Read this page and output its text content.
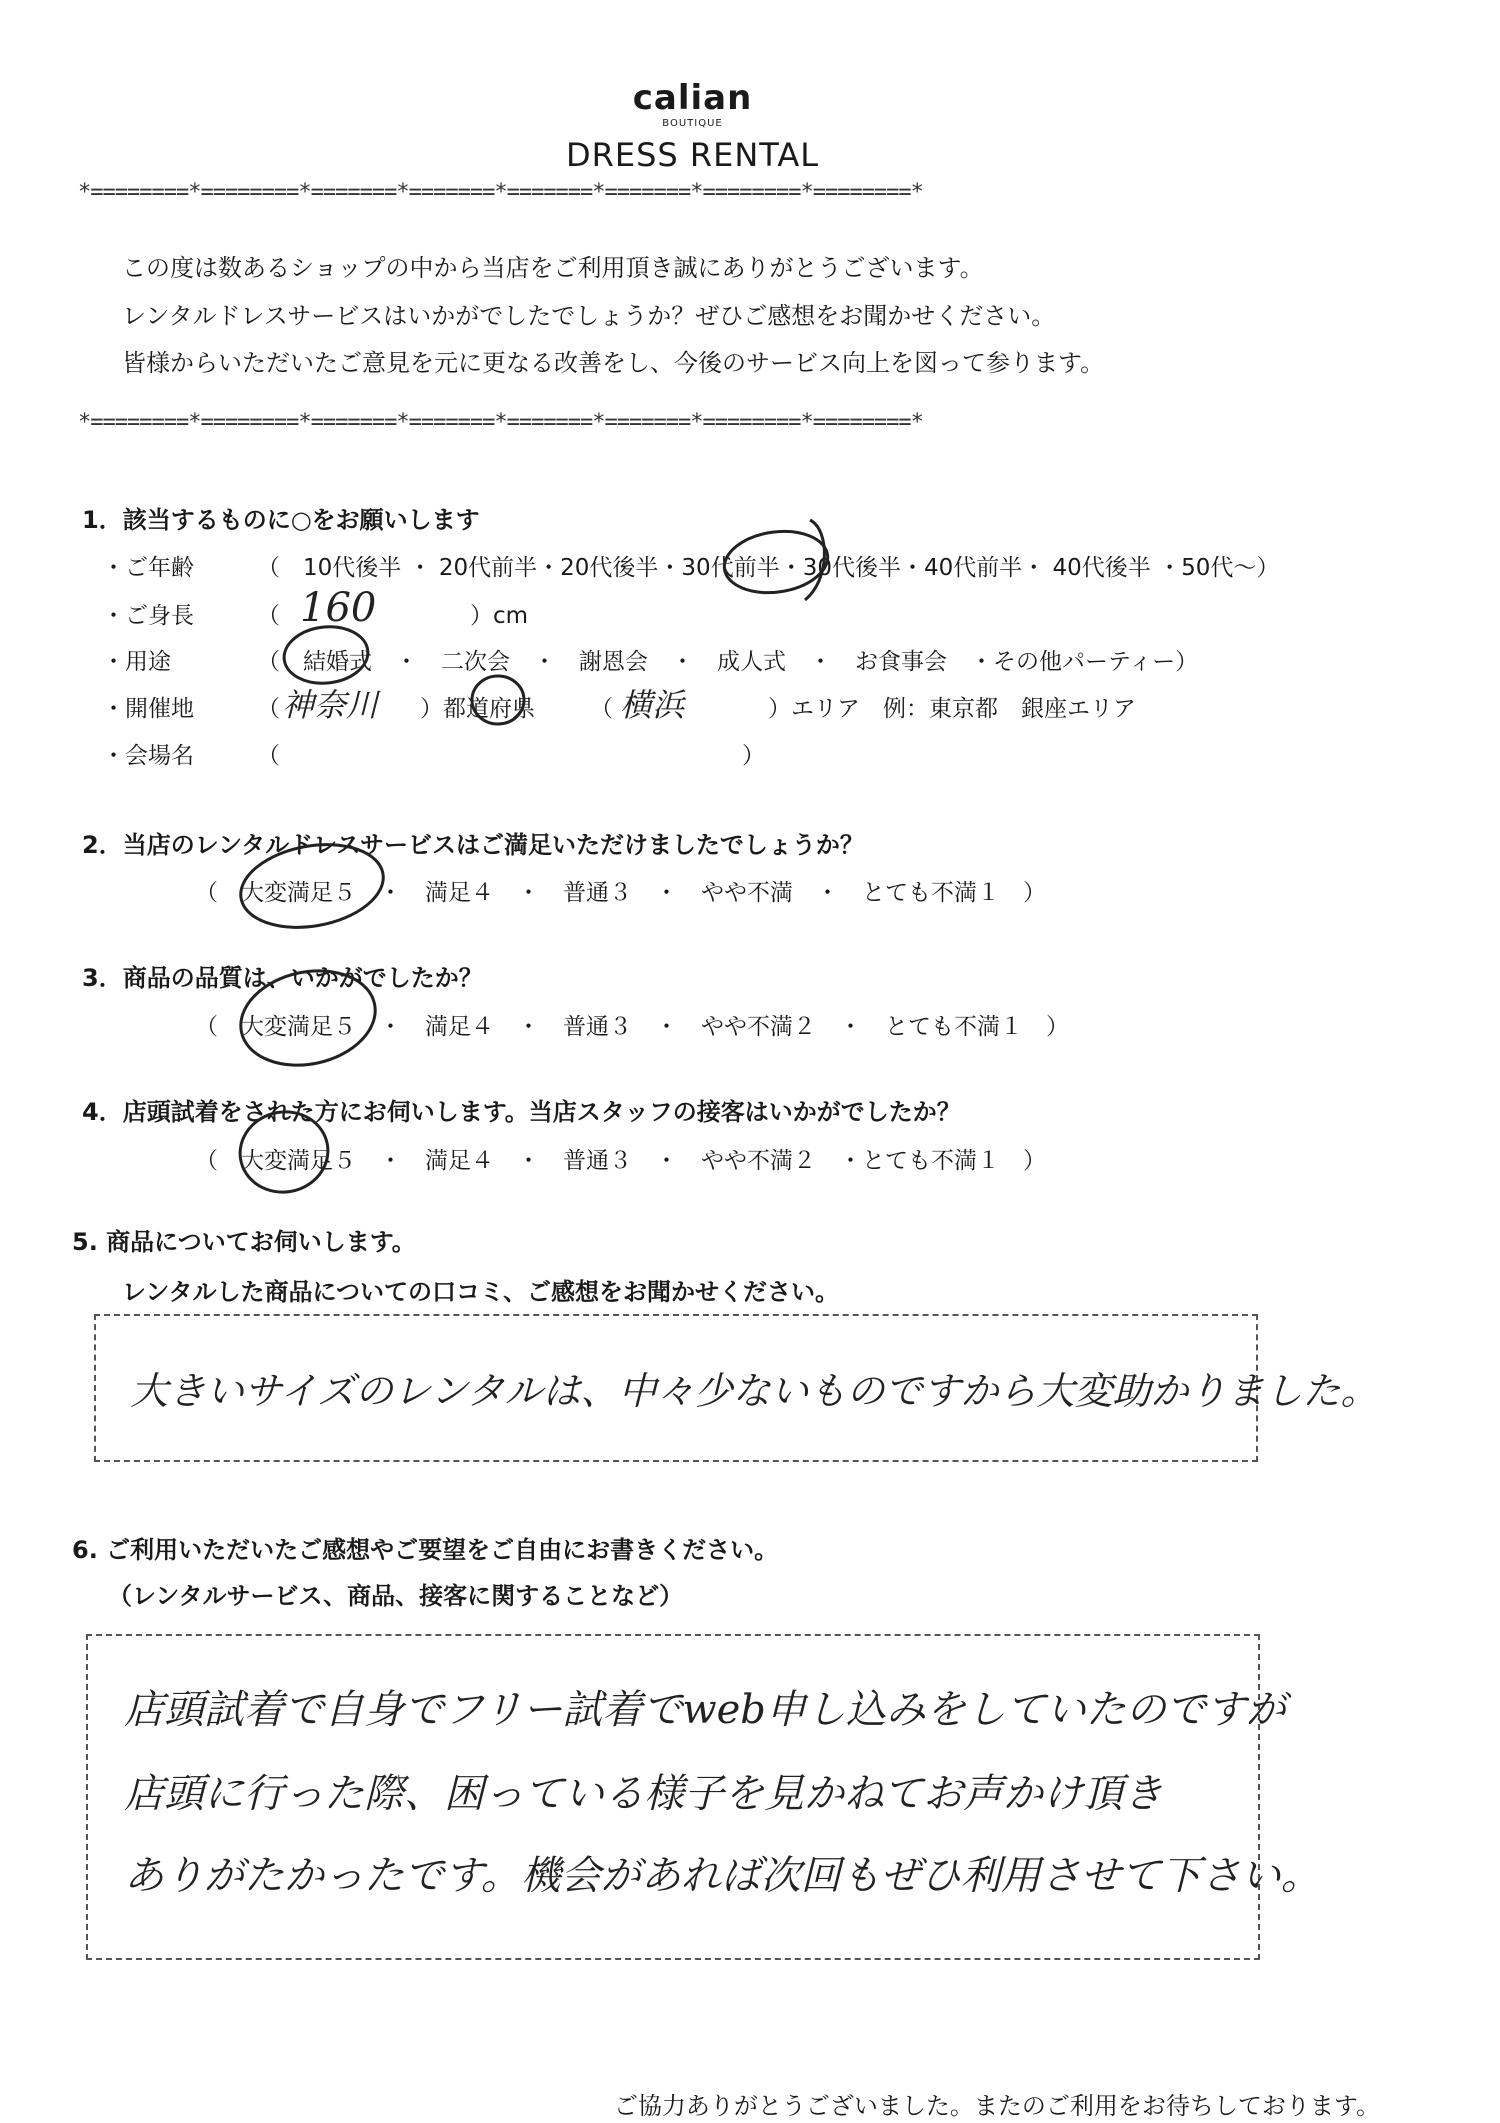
calian
BOUTIQUE
DRESS RENTAL
*========*========*=======*=======*=======*=======*========*========*
この度は数あるショップの中から当店をご利用頂き誠にありがとうございます。
レンタルドレスサービスはいかがでしたでしょうか？ぜひご感想をお聞かせください。
皆様からいただいたご意見を元に更なる改善をし、今後のサービス向上を図って参ります。
*========*========*=======*=======*=======*=======*========*========*
1．該当するものに○をお願いします
・ご年齢	（　10代後半 ・ 20代前半・20代後半・30代前半・30代後半・40代前半・ 40代後半 ・50代～）
・ご身長	（ 160	）cm
・用途	（　結婚式　・　二次会　・　謝恩会　・　成人式　・　お食事会　・その他パーティー）
・開催地	（ 神奈川 ）都道府県 （ 横浜	）エリア　例：東京都　銀座エリア
・会場名	（	）
2．当店のレンタルドレスサービスはご満足いただけましたでしょうか？
（　大変満足５　・　満足４　・　普通３　・　やや不満　・　とても不満１　）
3．商品の品質は、いかがでしたか？
（　大変満足５　・　満足４　・　普通３　・　やや不満２　・　とても不満１　）
4．店頭試着をされた方にお伺いします。当店スタッフの接客はいかがでしたか？
（　大変満足５　・　満足４　・　普通３　・　やや不満２　・とても不満１　）
5. 商品についてお伺いします。
レンタルした商品についての口コミ、ご感想をお聞かせください。
大きいサイズのレンタルは、中々少ないものですから大変助かりました。
6. ご利用いただいたご感想やご要望をご自由にお書きください。
（レンタルサービス、商品、接客に関することなど）
店頭試着で自身でフリー試着でweb申し込みをしていたのですが
店頭に行った際、困っている様子を見かねてお声かけ頂き
ありがたかったです。機会があれば次回もぜひ利用させて下さい。
ご協力ありがとうございました。またのご利用をお待ちしております。
